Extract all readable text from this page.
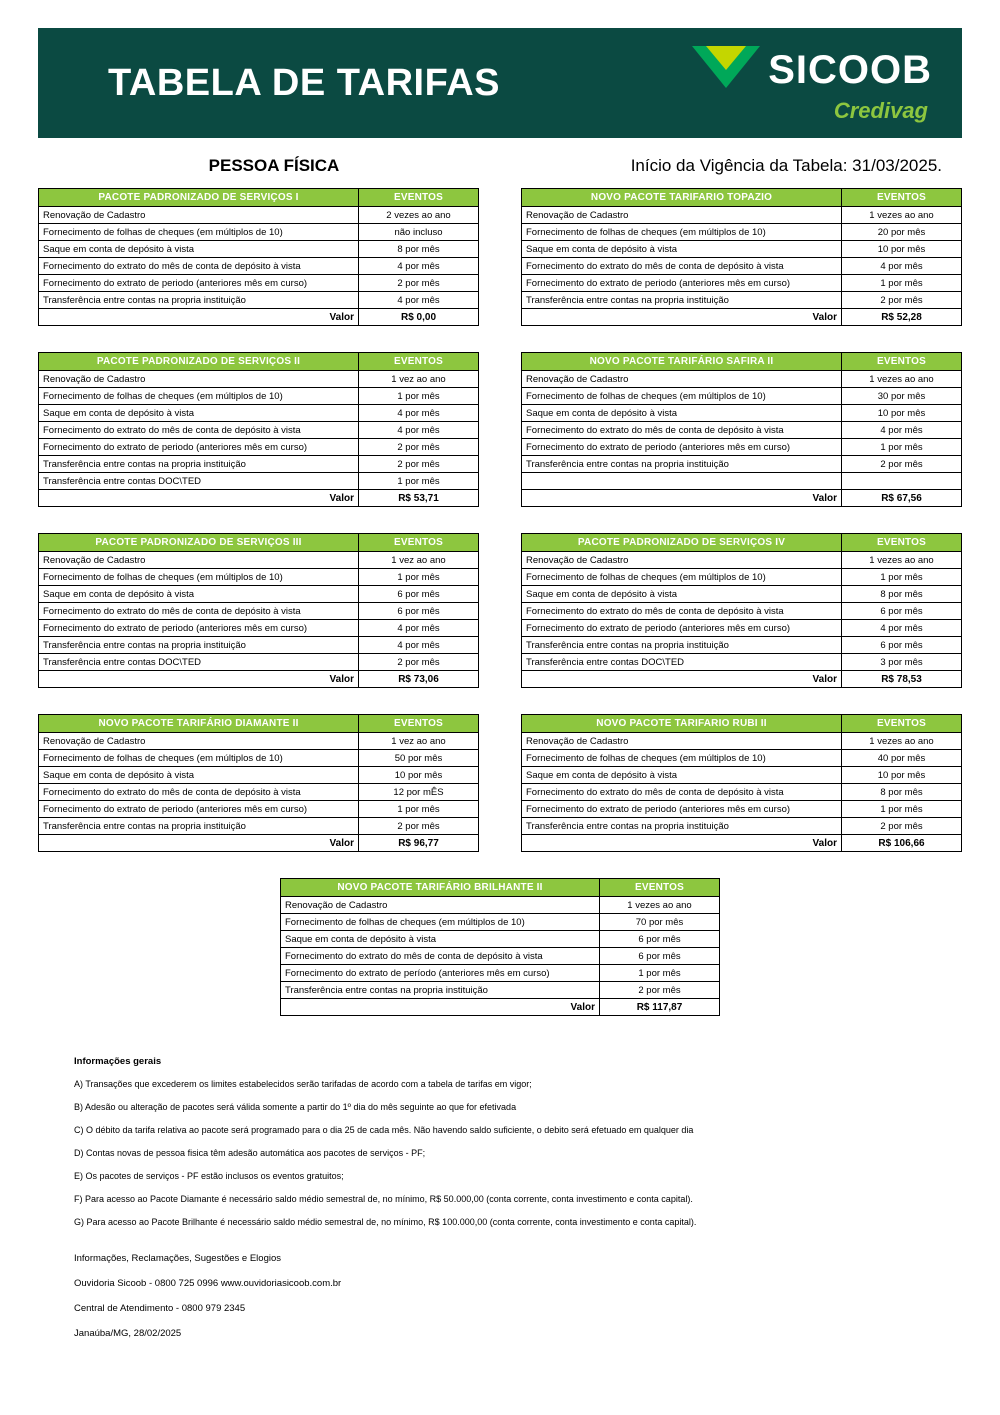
TABELA DE TARIFAS	SICOOB
Credivag
PESSOA FÍSICA	Início da Vigência da Tabela: 31/03/2025.
PACOTE PADRONIZADO DE SERVIÇOS I	EVENTOS
Renovação de Cadastro	2 vezes ao ano
Fornecimento de folhas de cheques (em múltiplos de 10)	não incluso
Saque em conta de depósito à vista	8 por mês
Fornecimento do extrato do mês de conta de depósito à vista	4 por mês
Fornecimento do extrato de periodo (anteriores mês em curso)	2 por mês
Transferência entre contas na propria instituição	4 por mês
Valor	R$ 0,00
NOVO PACOTE TARIFARIO TOPAZIO	EVENTOS
Renovação de Cadastro	1 vezes ao ano
Fornecimento de folhas de cheques (em múltiplos de 10)	20 por mês
Saque em conta de depósito à vista	10 por mês
Fornecimento do extrato do mês de conta de depósito à vista	4 por mês
Fornecimento do extrato de periodo (anteriores mês em curso)	1 por mês
Transferência entre contas na propria instituição	2 por mês
Valor	R$ 52,28
PACOTE PADRONIZADO DE SERVIÇOS II	EVENTOS
Renovação de Cadastro	1 vez ao ano
Fornecimento de folhas de cheques (em múltiplos de 10)	1 por mês
Saque em conta de depósito à vista	4 por mês
Fornecimento do extrato do mês de conta de depósito à vista	4 por mês
Fornecimento do extrato de periodo (anteriores mês em curso)	2 por mês
Transferência entre contas na propria instituição	2 por mês
Transferência entre contas DOC\TED	1 por mês
Valor	R$ 53,71
NOVO PACOTE TARIFÁRIO SAFIRA II	EVENTOS
Renovação de Cadastro	1 vezes ao ano
Fornecimento de folhas de cheques (em múltiplos de 10)	30 por mês
Saque em conta de depósito à vista	10 por mês
Fornecimento do extrato do mês de conta de depósito à vista	4 por mês
Fornecimento do extrato de periodo (anteriores mês em curso)	1 por mês
Transferência entre contas na propria instituição	2 por mês

Valor	R$ 67,56
PACOTE PADRONIZADO DE SERVIÇOS III	EVENTOS
Renovação de Cadastro	1 vez ao ano
Fornecimento de folhas de cheques (em múltiplos de 10)	1 por mês
Saque em conta de depósito à vista	6 por mês
Fornecimento do extrato do mês de conta de depósito à vista	6 por mês
Fornecimento do extrato de periodo (anteriores mês em curso)	4 por mês
Transferência entre contas na propria instituição	4 por mês
Transferência entre contas DOC\TED	2 por mês
Valor	R$ 73,06
PACOTE PADRONIZADO DE SERVIÇOS IV	EVENTOS
Renovação de Cadastro	1 vezes ao ano
Fornecimento de folhas de cheques (em múltiplos de 10)	1 por mês
Saque em conta de depósito à vista	8 por mês
Fornecimento do extrato do mês de conta de depósito à vista	6 por mês
Fornecimento do extrato de periodo (anteriores mês em curso)	4 por mês
Transferência entre contas na propria instituição	6 por mês
Transferência entre contas DOC\TED	3 por mês
Valor	R$ 78,53
NOVO PACOTE TARIFÁRIO DIAMANTE II	EVENTOS
Renovação de Cadastro	1 vez ao ano
Fornecimento de folhas de cheques (em múltiplos de 10)	50 por mês
Saque em conta de depósito à vista	10 por mês
Fornecimento do extrato do mês de conta de depósito à vista	12 por mÊS
Fornecimento do extrato de periodo (anteriores mês em curso)	1 por mês
Transferência entre contas na propria instituição	2 por mês
Valor	R$ 96,77
NOVO PACOTE TARIFARIO RUBI II	EVENTOS
Renovação de Cadastro	1 vezes ao ano
Fornecimento de folhas de cheques (em múltiplos de 10)	40 por mês
Saque em conta de depósito à vista	10 por mês
Fornecimento do extrato do mês de conta de depósito à vista	8 por mês
Fornecimento do extrato de periodo (anteriores mês em curso)	1 por mês
Transferência entre contas na propria instituição	2 por mês
Valor	R$ 106,66
NOVO PACOTE TARIFÁRIO BRILHANTE II	EVENTOS
Renovação de Cadastro	1 vezes ao ano
Fornecimento de folhas de cheques (em múltiplos de 10)	70 por mês
Saque em conta de depósito à vista	6 por mês
Fornecimento do extrato do mês de conta de depósito à vista	6 por mês
Fornecimento do extrato de período (anteriores mês em curso)	1 por mês
Transferência entre contas na propria instituição	2 por mês
Valor	R$ 117,87
Informações gerais
A) Transações que excederem os limites estabelecidos serão tarifadas de acordo com a tabela de tarifas em vigor;
B) Adesão ou alteração de pacotes será válida somente a partir do 1º dia do mês seguinte ao que for efetivada
C) O débito da tarifa relativa ao pacote será programado para o dia 25 de cada mês. Não havendo saldo suficiente, o debito será efetuado em qualquer dia
D) Contas novas de pessoa fisica têm adesão automática aos pacotes de serviços - PF;
E) Os pacotes de serviços - PF estão inclusos os eventos gratuitos;
F) Para acesso ao Pacote Diamante é necessário saldo médio semestral de, no mínimo, R$ 50.000,00 (conta corrente, conta investimento e conta capital).
G) Para acesso ao Pacote Brilhante é necessário saldo médio semestral de, no mínimo, R$ 100.000,00 (conta corrente, conta investimento e conta capital).
Informações, Reclamações, Sugestões e Elogios
Ouvidoria Sicoob - 0800 725 0996 www.ouvidoriasicoob.com.br
Central de Atendimento - 0800 979 2345
Janaúba/MG, 28/02/2025
